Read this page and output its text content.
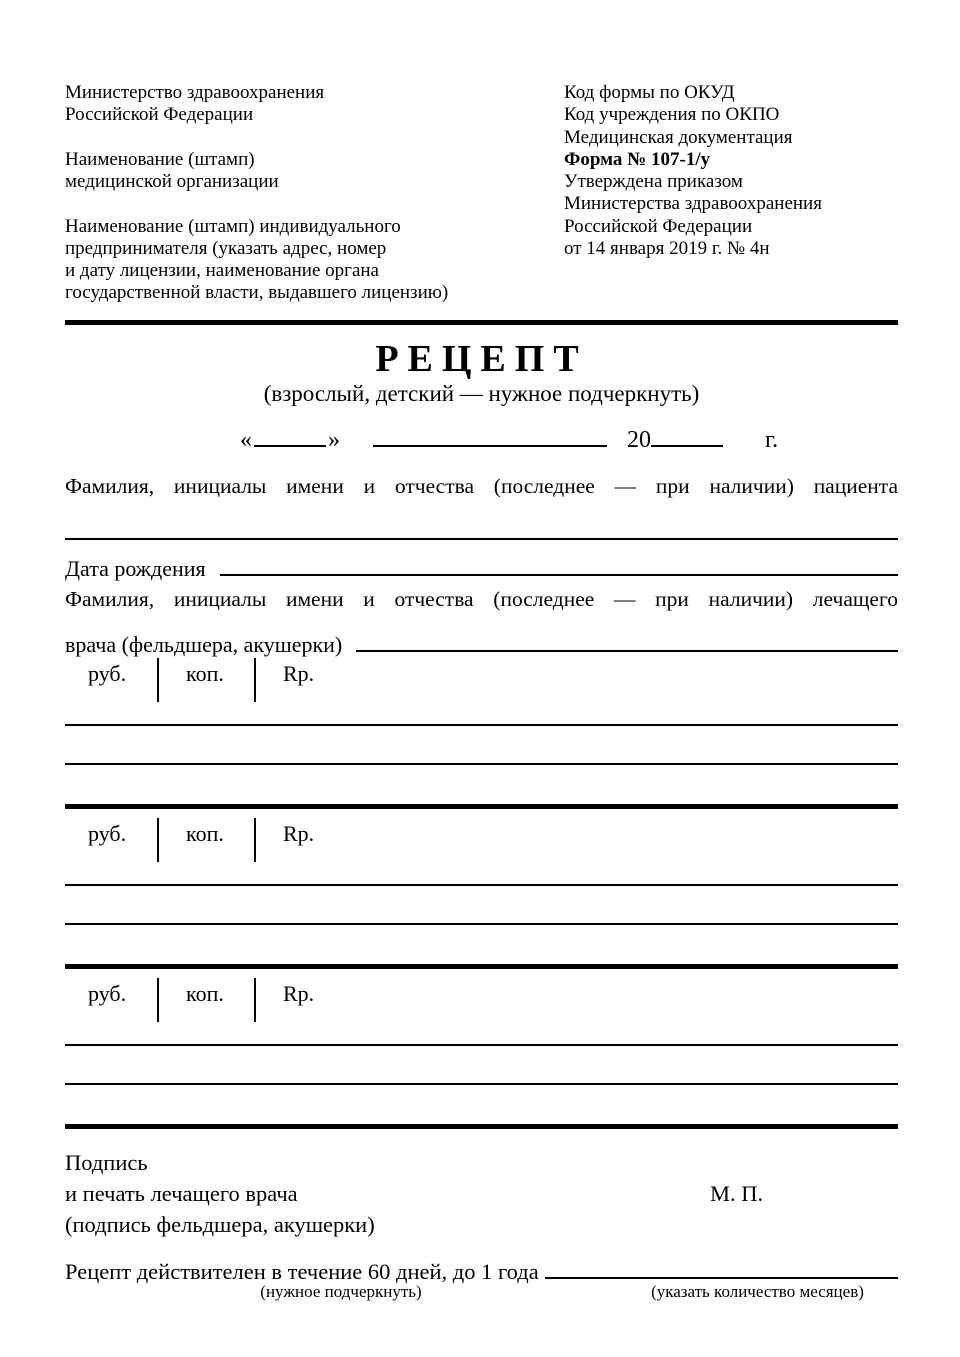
Министерство здравоохранения
Российской Федерации
Наименование (штамп)
медицинской организации
Наименование (штамп) индивидуального
предпринимателя (указать адрес, номер
и дату лицензии, наименование органа
государственной власти, выдавшего лицензию)
Код формы по ОКУД
Код учреждения по ОКПО
Медицинская документация
Форма № 107-1/у
Утверждена приказом
Министерства здравоохранения
Российской Федерации
от 14 января 2019 г. № 4н
РЕЦЕПТ
(взрослый, детский — нужное подчеркнуть)
«	»	20	г.
Фамилия, инициалы имени и отчества (последнее — при наличии) пациента
Дата рождения
Фамилия, инициалы имени и отчества (последнее — при наличии) лечащего
врача (фельдшера, акушерки)
руб.	коп.	Rp.
руб.	коп.	Rp.
руб.	коп.	Rp.
Подпись
и печать лечащего врача
(подпись фельдшера, акушерки)
М. П.
Рецепт действителен в течение 60 дней, до 1 года
(нужное подчеркнуть)	(указать количество месяцев)
